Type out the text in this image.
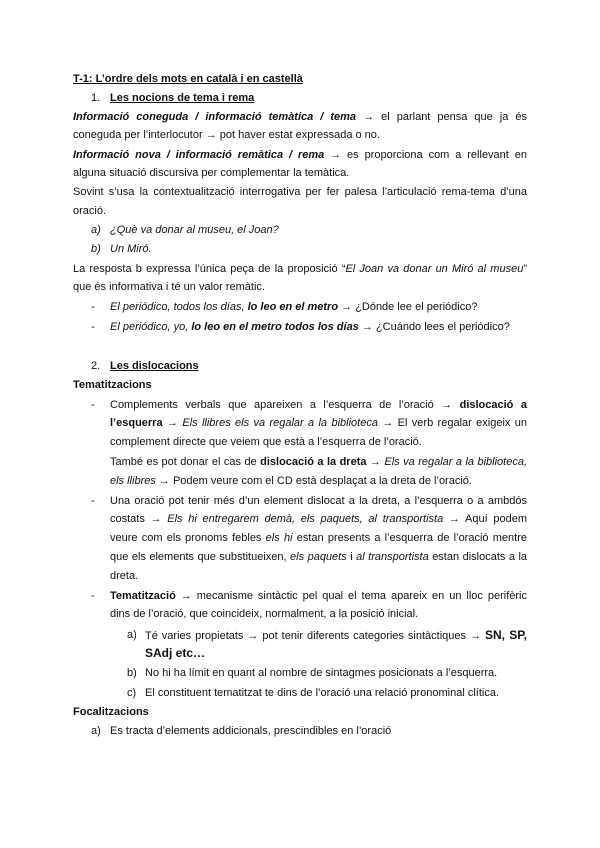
T-1: L’ordre dels mots en català i en castellà
1. Les nocions de tema i rema
Informació coneguda / informació temàtica / tema → el parlant pensa que ja és
coneguda per l’interlocutor → pot haver estat expressada o no.
Informació nova / informació remàtica / rema → es proporciona com a rellevant en
alguna situació discursiva per complementar la temàtica.
Sovint s’usa la contextualització interrogativa per fer palesa l’articulació rema-tema d’una
oració.
a) ¿Què va donar al museu, el Joan?
b) Un Miró.
La resposta b expressa l’única peça de la proposició “El Joan va donar un Miró al museu”
que és informativa i té un valor remàtic.
- El periódico, todos los días, lo leo en el metro → ¿Dónde lee el periódico?
- El periódico, yo, lo leo en el metro todos los días → ¿Cuándo lees el periódico?
2. Les dislocacions
Tematitzacions
- Complements verbals que apareixen a l’esquerra de l’oració → dislocació a
l’esquerra → Els llibres els va regalar a la biblioteca → El verb regalar exigeix un
complement directe que veiem que està a l’esquerra de l’oració.
També es pot donar el cas de dislocació a la dreta → Els va regalar a la biblioteca,
els llibres → Podem veure com el CD està desplaçat a la dreta de l’oració.
- Una oració pot tenir més d’un element dislocat a la dreta, a l’esquerra o a ambdós
costats → Els hi entregarem demà, els paquets, al transportista → Aquí podem
veure com els pronoms febles els hi estan presents a l’esquerra de l’oració mentre
que els elements que substitueixen, els paquets i al transportista estan dislocats a la
dreta.
- Tematització → mecanisme sintàctic pel qual el tema apareix en un lloc perifèric
dins de l’oració, que coincideix, normalment, a la posició inicial.
a) Té varies propietats → pot tenir diferents categories sintàctiques → SN, SP,
SAdj etc…
b) No hi ha límit en quant al nombre de sintagmes posicionats a l’esquerra.
c) El constituent tematitzat te dins de l’oració una relació pronominal clítica.
Focalitzacions
a) Es tracta d’elements addicionals, prescindibles en l’oració
